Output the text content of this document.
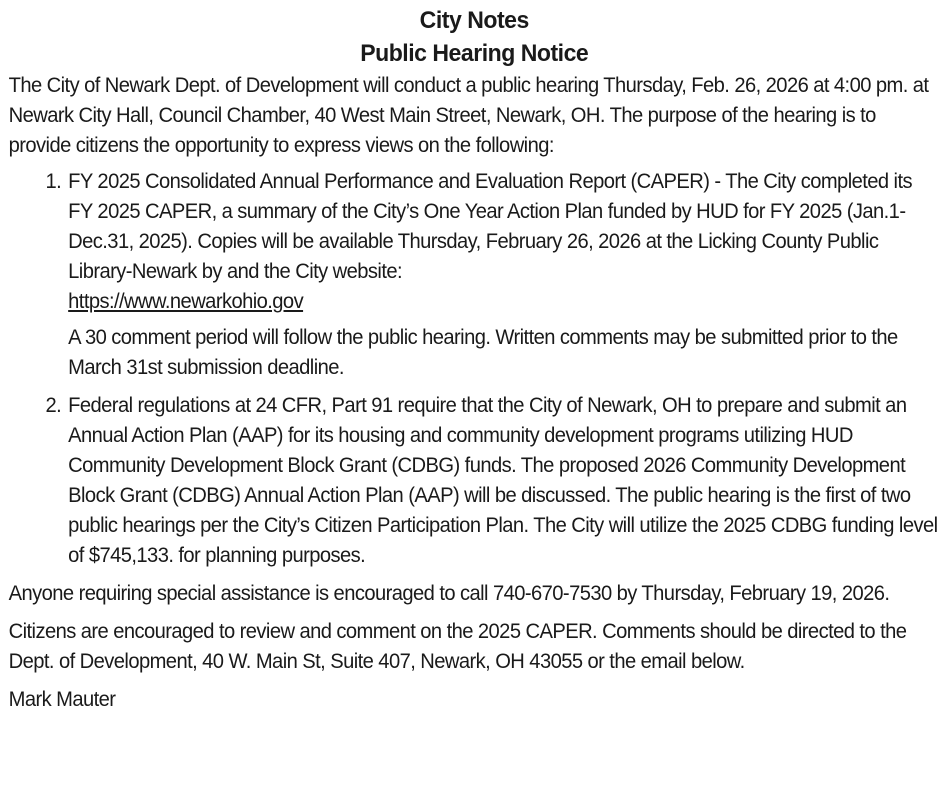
City Notes
Public Hearing Notice

The City of Newark Dept. of Development will conduct a public hearing Thursday, Feb. 26, 2026 at 4:00 pm. at Newark City Hall, Council Chamber, 40 West Main Street, Newark, OH. The purpose of the hearing is to provide citizens the opportunity to express views on the following:

1. FY 2025 Consolidated Annual Performance and Evaluation Report (CAPER) - The City completed its FY 2025 CAPER, a summary of the City’s One Year Action Plan funded by HUD for FY 2025 (Jan.1-Dec.31, 2025). Copies will be available Thursday, February 26, 2026 at the Licking County Public Library-Newark by and the City website:
https://www.newarkohio.gov

A 30 comment period will follow the public hearing. Written comments may be submitted prior to the March 31st submission deadline.

2. Federal regulations at 24 CFR, Part 91 require that the City of Newark, OH to prepare and submit an Annual Action Plan (AAP) for its housing and community development programs utilizing HUD Community Development Block Grant (CDBG) funds. The proposed 2026 Community Development Block Grant (CDBG) Annual Action Plan (AAP) will be discussed. The public hearing is the first of two public hearings per the City’s Citizen Participation Plan. The City will utilize the 2025 CDBG funding level of $745,133. for planning purposes.

Anyone requiring special assistance is encouraged to call 740-670-7530 by Thursday, February 19, 2026.

Citizens are encouraged to review and comment on the 2025 CAPER. Comments should be directed to the Dept. of Development, 40 W. Main St, Suite 407, Newark, OH 43055 or the email below.

Mark Mauter
